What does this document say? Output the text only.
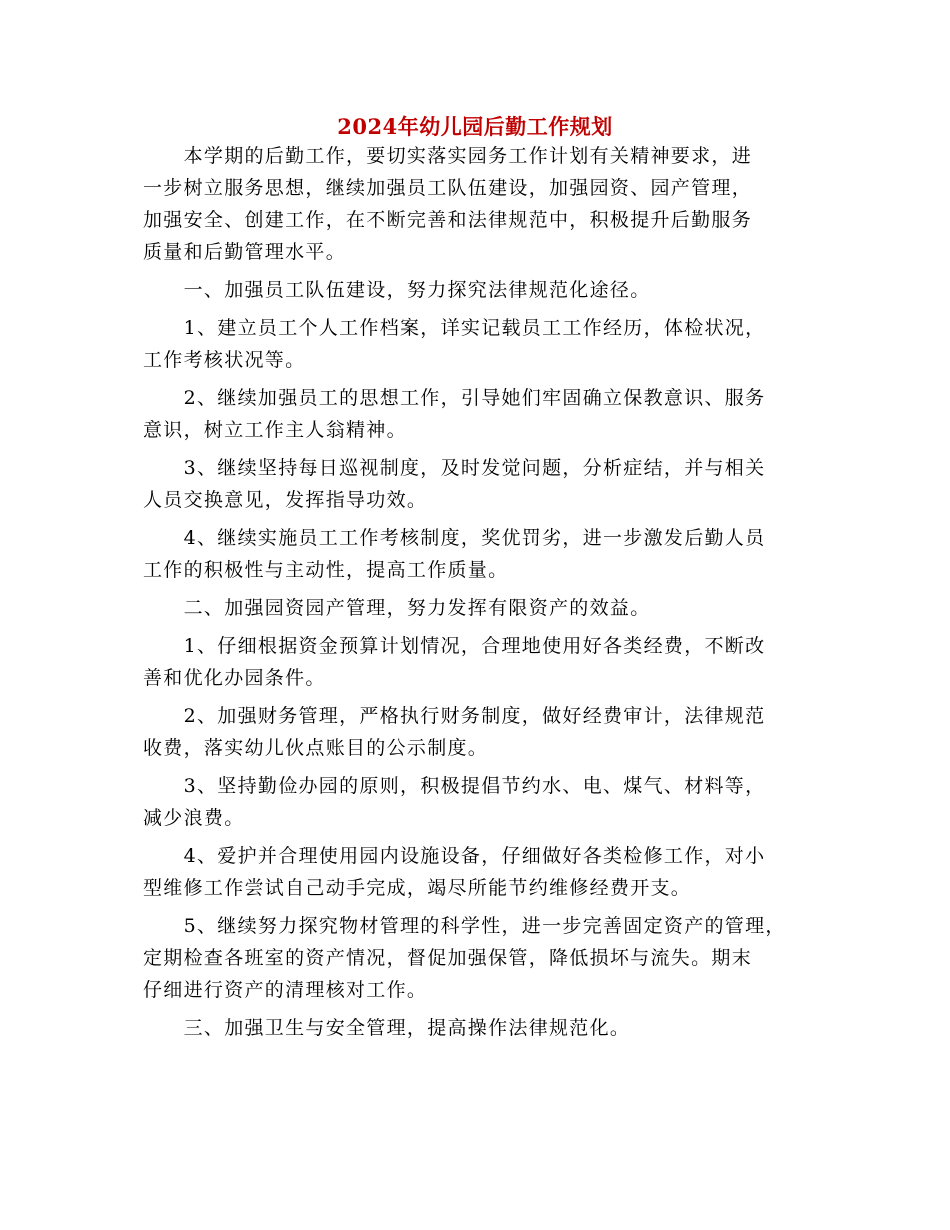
2024年幼儿园后勤工作规划
　　本学期的后勤工作，要切实落实园务工作计划有关精神要求，进
一步树立服务思想，继续加强员工队伍建设，加强园资、园产管理，
加强安全、创建工作，在不断完善和法律规范中，积极提升后勤服务
质量和后勤管理水平。
　　一、加强员工队伍建设，努力探究法律规范化途径。
　　1、建立员工个人工作档案，详实记载员工工作经历，体检状况，
工作考核状况等。
　　2、继续加强员工的思想工作，引导她们牢固确立保教意识、服务
意识，树立工作主人翁精神。
　　3、继续坚持每日巡视制度，及时发觉问题，分析症结，并与相关
人员交换意见，发挥指导功效。
　　4、继续实施员工工作考核制度，奖优罚劣，进一步激发后勤人员
工作的积极性与主动性，提高工作质量。
　　二、加强园资园产管理，努力发挥有限资产的效益。
　　1、仔细根据资金预算计划情况，合理地使用好各类经费，不断改
善和优化办园条件。
　　2、加强财务管理，严格执行财务制度，做好经费审计，法律规范
收费，落实幼儿伙点账目的公示制度。
　　3、坚持勤俭办园的原则，积极提倡节约水、电、煤气、材料等，
减少浪费。
　　4、爱护并合理使用园内设施设备，仔细做好各类检修工作，对小
型维修工作尝试自己动手完成，竭尽所能节约维修经费开支。
　　5、继续努力探究物材管理的科学性，进一步完善固定资产的管理，
定期检查各班室的资产情况，督促加强保管，降低损坏与流失。期末
仔细进行资产的清理核对工作。
　　三、加强卫生与安全管理，提高操作法律规范化。
